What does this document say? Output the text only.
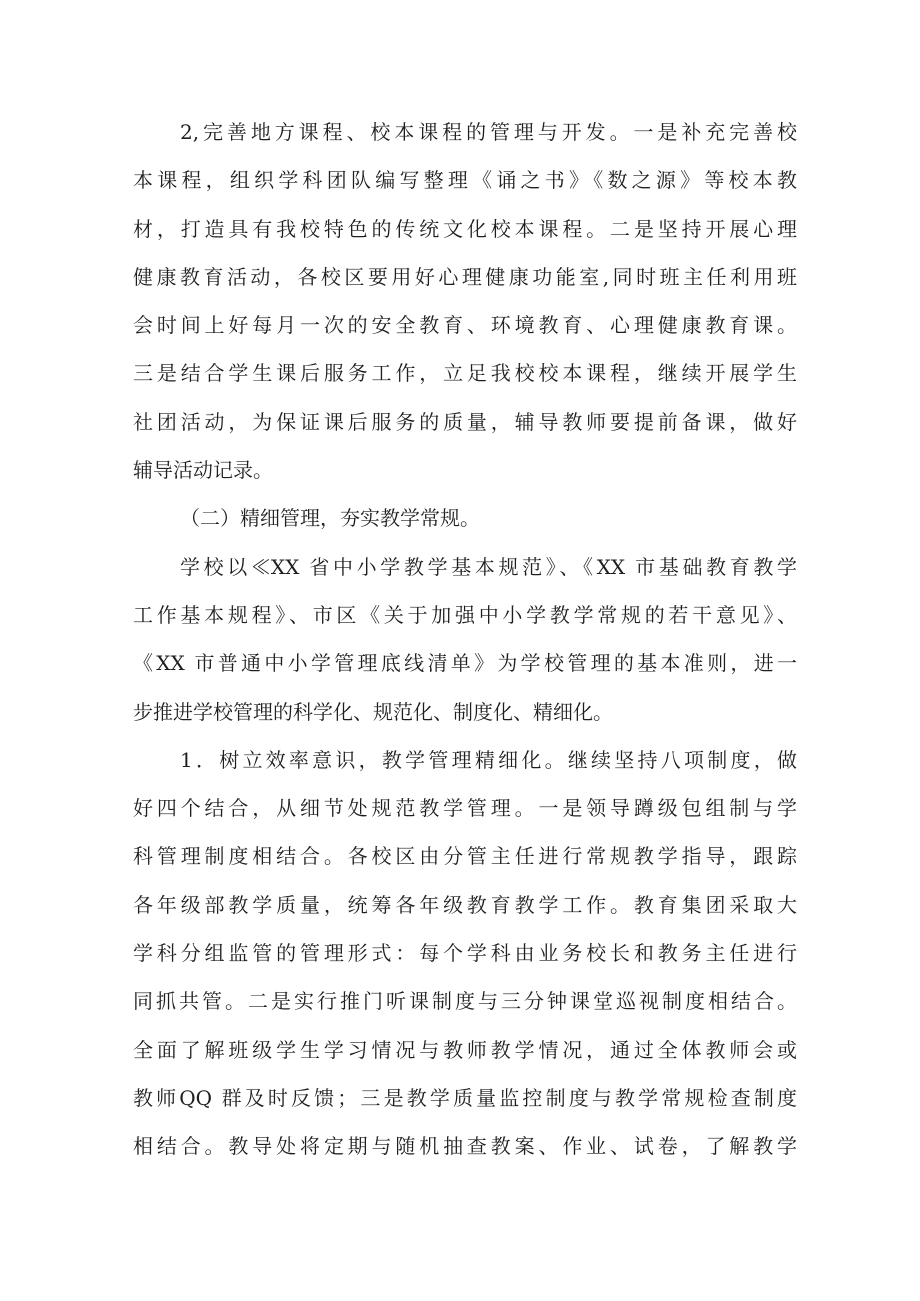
2,完善地方课程、校本课程的管理与开发。一是补充完善校
本课程，组织学科团队编写整理《诵之书》《数之源》等校本教
材，打造具有我校特色的传统文化校本课程。二是坚持开展心理
健康教育活动，各校区要用好心理健康功能室,同时班主任利用班
会时间上好每月一次的安全教育、环境教育、心理健康教育课。
三是结合学生课后服务工作，立足我校校本课程，继续开展学生
社团活动，为保证课后服务的质量，辅导教师要提前备课，做好
辅导活动记录。
（二）精细管理，夯实教学常规。
学校以≪XX 省中小学教学基本规范》、《XX 市基础教育教学
工作基本规程》、市区《关于加强中小学教学常规的若干意见》、
《XX 市普通中小学管理底线清单》为学校管理的基本准则，进一
步推进学校管理的科学化、规范化、制度化、精细化。
1．树立效率意识，教学管理精细化。继续坚持八项制度，做
好四个结合，从细节处规范教学管理。一是领导蹲级包组制与学
科管理制度相结合。各校区由分管主任进行常规教学指导，跟踪
各年级部教学质量，统筹各年级教育教学工作。教育集团采取大
学科分组监管的管理形式：每个学科由业务校长和教务主任进行
同抓共管。二是实行推门听课制度与三分钟课堂巡视制度相结合。
全面了解班级学生学习情况与教师教学情况，通过全体教师会或
教师QQ 群及时反馈；三是教学质量监控制度与教学常规检查制度
相结合。教导处将定期与随机抽查教案、作业、试卷，了解教学
